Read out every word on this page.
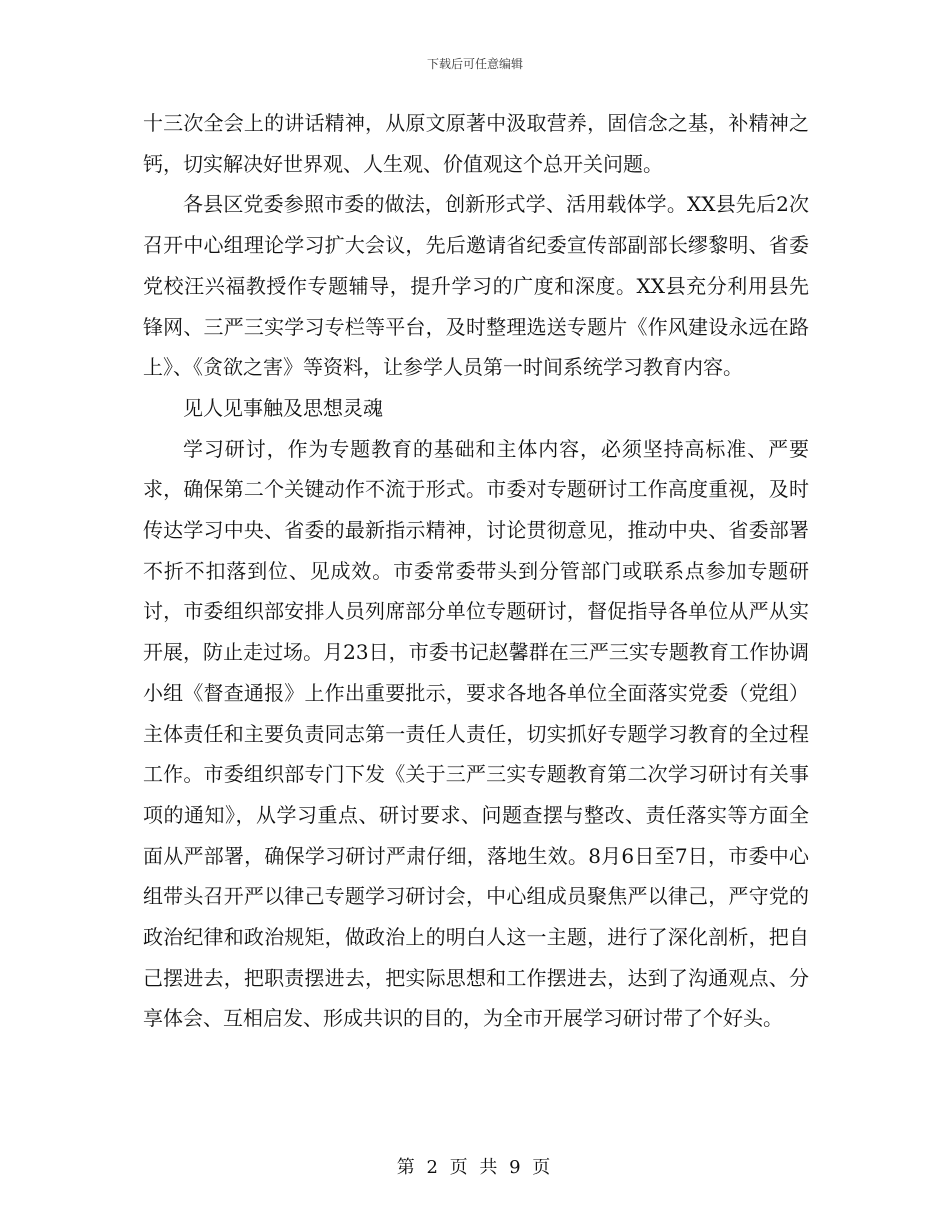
下载后可任意编辑

十三次全会上的讲话精神，从原文原著中汲取营养，固信念之基，补精神之钙，切实解决好世界观、人生观、价值观这个总开关问题。

各县区党委参照市委的做法，创新形式学、活用载体学。XX县先后2次召开中心组理论学习扩大会议，先后邀请省纪委宣传部副部长缪黎明、省委党校汪兴福教授作专题辅导，提升学习的广度和深度。XX县充分利用县先锋网、三严三实学习专栏等平台，及时整理选送专题片《作风建设永远在路上》、《贪欲之害》等资料，让参学人员第一时间系统学习教育内容。

见人见事触及思想灵魂

学习研讨，作为专题教育的基础和主体内容，必须坚持高标准、严要求，确保第二个关键动作不流于形式。市委对专题研讨工作高度重视，及时传达学习中央、省委的最新指示精神，讨论贯彻意见，推动中央、省委部署不折不扣落到位、见成效。市委常委带头到分管部门或联系点参加专题研讨，市委组织部安排人员列席部分单位专题研讨，督促指导各单位从严从实开展，防止走过场。月23日，市委书记赵馨群在三严三实专题教育工作协调小组《督查通报》上作出重要批示，要求各地各单位全面落实党委（党组）主体责任和主要负责同志第一责任人责任，切实抓好专题学习教育的全过程工作。市委组织部专门下发《关于三严三实专题教育第二次学习研讨有关事项的通知》，从学习重点、研讨要求、问题查摆与整改、责任落实等方面全面从严部署，确保学习研讨严肃仔细，落地生效。8月6日至7日，市委中心组带头召开严以律己专题学习研讨会，中心组成员聚焦严以律己，严守党的政治纪律和政治规矩，做政治上的明白人这一主题，进行了深化剖析，把自己摆进去，把职责摆进去，把实际思想和工作摆进去，达到了沟通观点、分享体会、互相启发、形成共识的目的，为全市开展学习研讨带了个好头。

第 2 页 共 9 页
